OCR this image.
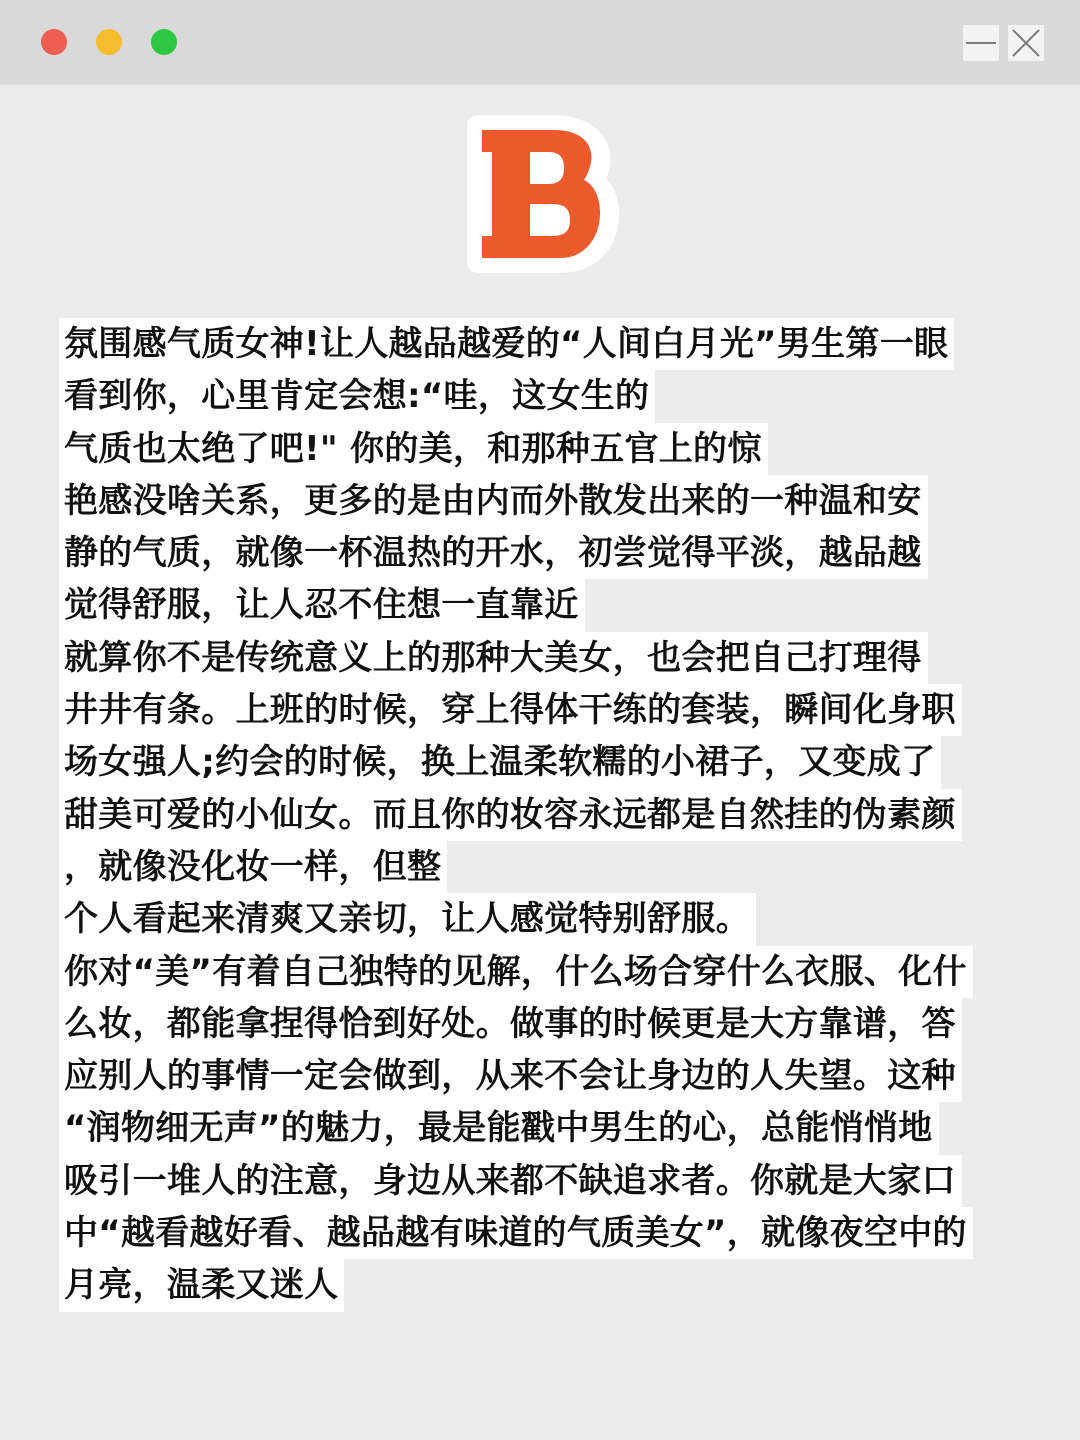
氛围感气质女神!让人越品越爱的“人间白月光”男生第一眼
看到你，心里肯定会想:“哇，这女生的
气质也太绝了吧!" 你的美，和那种五官上的惊
艳感没啥关系，更多的是由内而外散发出来的一种温和安
静的气质，就像一杯温热的开水，初尝觉得平淡，越品越
觉得舒服，让人忍不住想一直靠近
就算你不是传统意义上的那种大美女，也会把自己打理得
井井有条。上班的时候，穿上得体干练的套装，瞬间化身职
场女强人;约会的时候，换上温柔软糯的小裙子，又变成了
甜美可爱的小仙女。而且你的妆容永远都是自然挂的伪素颜
，就像没化妆一样，但整
个人看起来清爽又亲切，让人感觉特别舒服。
你对“美”有着自己独特的见解，什么场合穿什么衣服、化什
么妆，都能拿捏得恰到好处。做事的时候更是大方靠谱，答
应别人的事情一定会做到，从来不会让身边的人失望。这种
“润物细无声”的魅力，最是能戳中男生的心，总能悄悄地
吸引一堆人的注意，身边从来都不缺追求者。你就是大家口
中“越看越好看、越品越有味道的气质美女”，就像夜空中的
月亮，温柔又迷人
